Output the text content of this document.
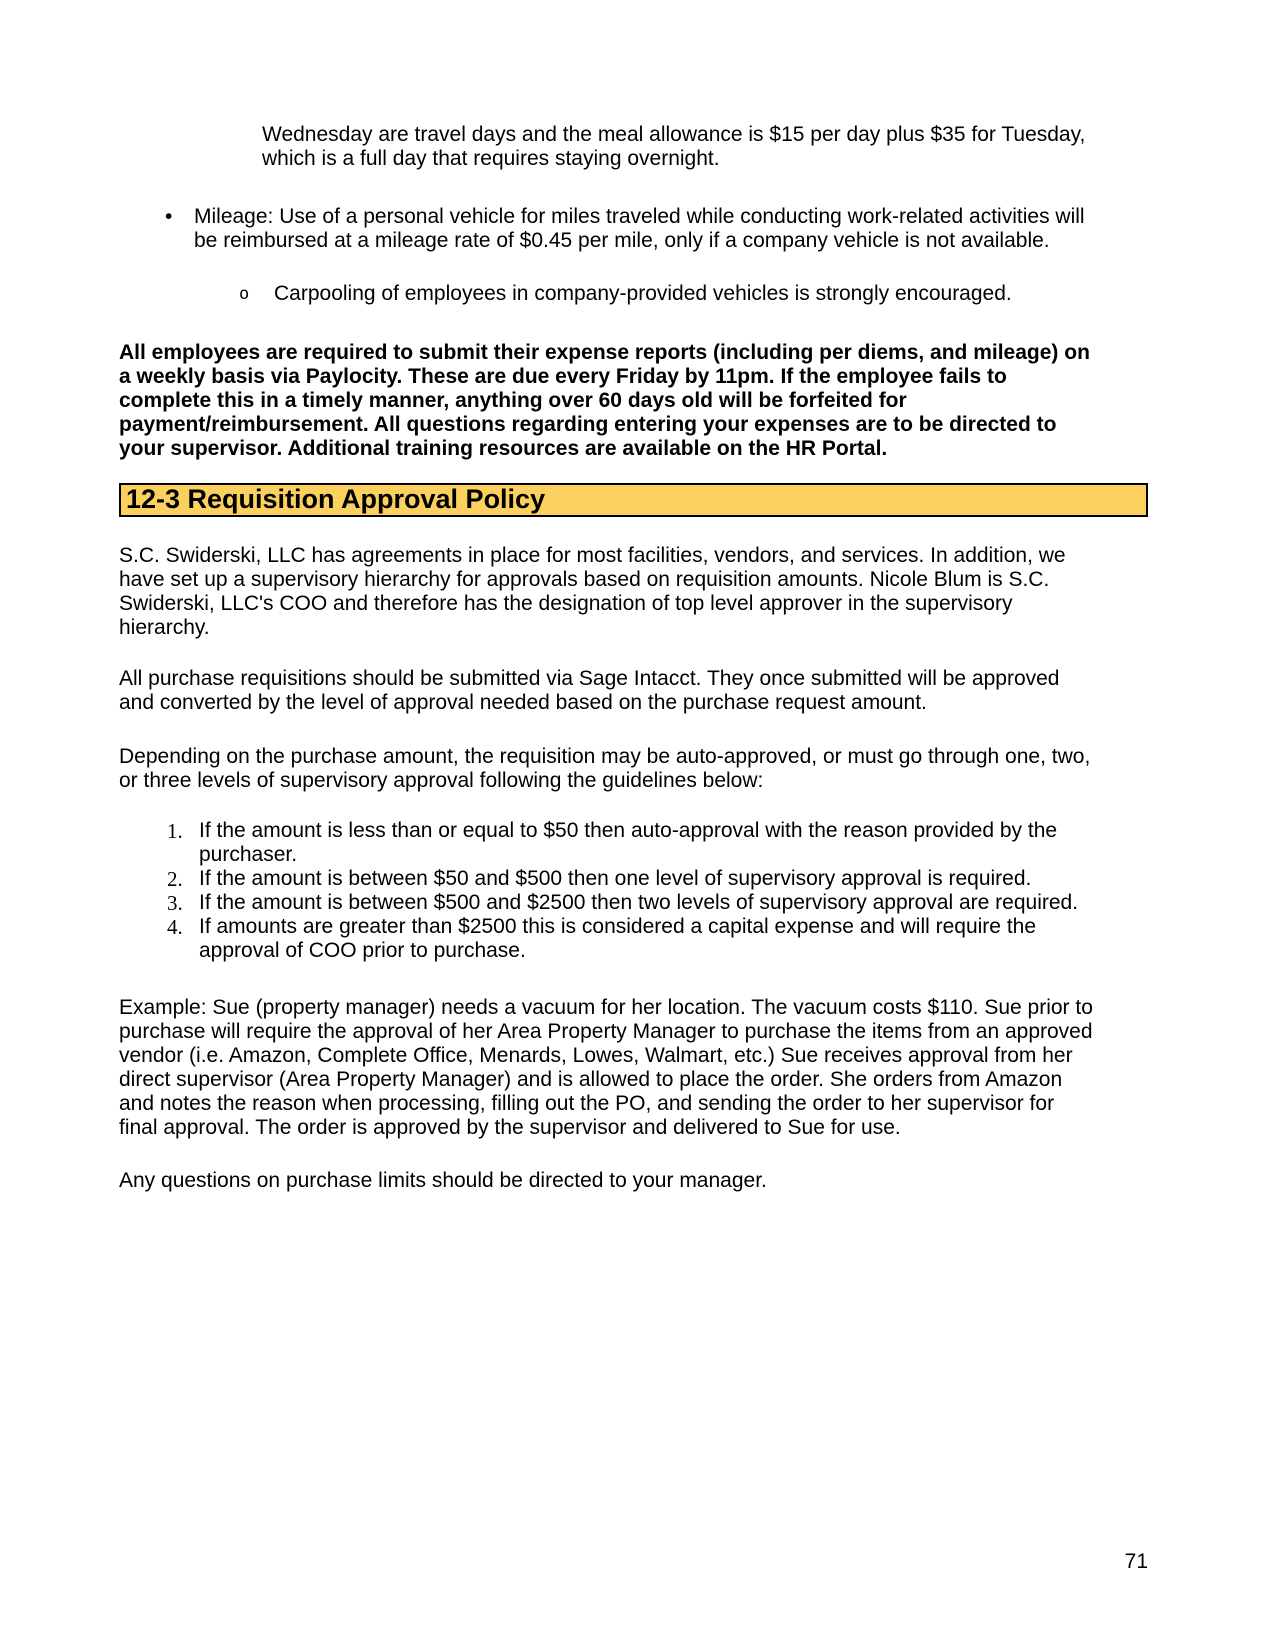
Wednesday are travel days and the meal allowance is $15 per day plus $35 for Tuesday, which is a full day that requires staying overnight.
• Mileage: Use of a personal vehicle for miles traveled while conducting work-related activities will be reimbursed at a mileage rate of $0.45 per mile, only if a company vehicle is not available.
o Carpooling of employees in company-provided vehicles is strongly encouraged.
All employees are required to submit their expense reports (including per diems, and mileage) on a weekly basis via Paylocity. These are due every Friday by 11pm. If the employee fails to complete this in a timely manner, anything over 60 days old will be forfeited for payment/reimbursement. All questions regarding entering your expenses are to be directed to your supervisor. Additional training resources are available on the HR Portal.
12-3 Requisition Approval Policy
S.C. Swiderski, LLC has agreements in place for most facilities, vendors, and services. In addition, we have set up a supervisory hierarchy for approvals based on requisition amounts. Nicole Blum is S.C. Swiderski, LLC's COO and therefore has the designation of top level approver in the supervisory hierarchy.
All purchase requisitions should be submitted via Sage Intacct. They once submitted will be approved and converted by the level of approval needed based on the purchase request amount.
Depending on the purchase amount, the requisition may be auto-approved, or must go through one, two, or three levels of supervisory approval following the guidelines below:
1. If the amount is less than or equal to $50 then auto-approval with the reason provided by the purchaser.
2. If the amount is between $50 and $500 then one level of supervisory approval is required.
3. If the amount is between $500 and $2500 then two levels of supervisory approval are required.
4. If amounts are greater than $2500 this is considered a capital expense and will require the approval of COO prior to purchase.
Example: Sue (property manager) needs a vacuum for her location. The vacuum costs $110. Sue prior to purchase will require the approval of her Area Property Manager to purchase the items from an approved vendor (i.e. Amazon, Complete Office, Menards, Lowes, Walmart, etc.) Sue receives approval from her direct supervisor (Area Property Manager) and is allowed to place the order. She orders from Amazon and notes the reason when processing, filling out the PO, and sending the order to her supervisor for final approval. The order is approved by the supervisor and delivered to Sue for use.
Any questions on purchase limits should be directed to your manager.
71
